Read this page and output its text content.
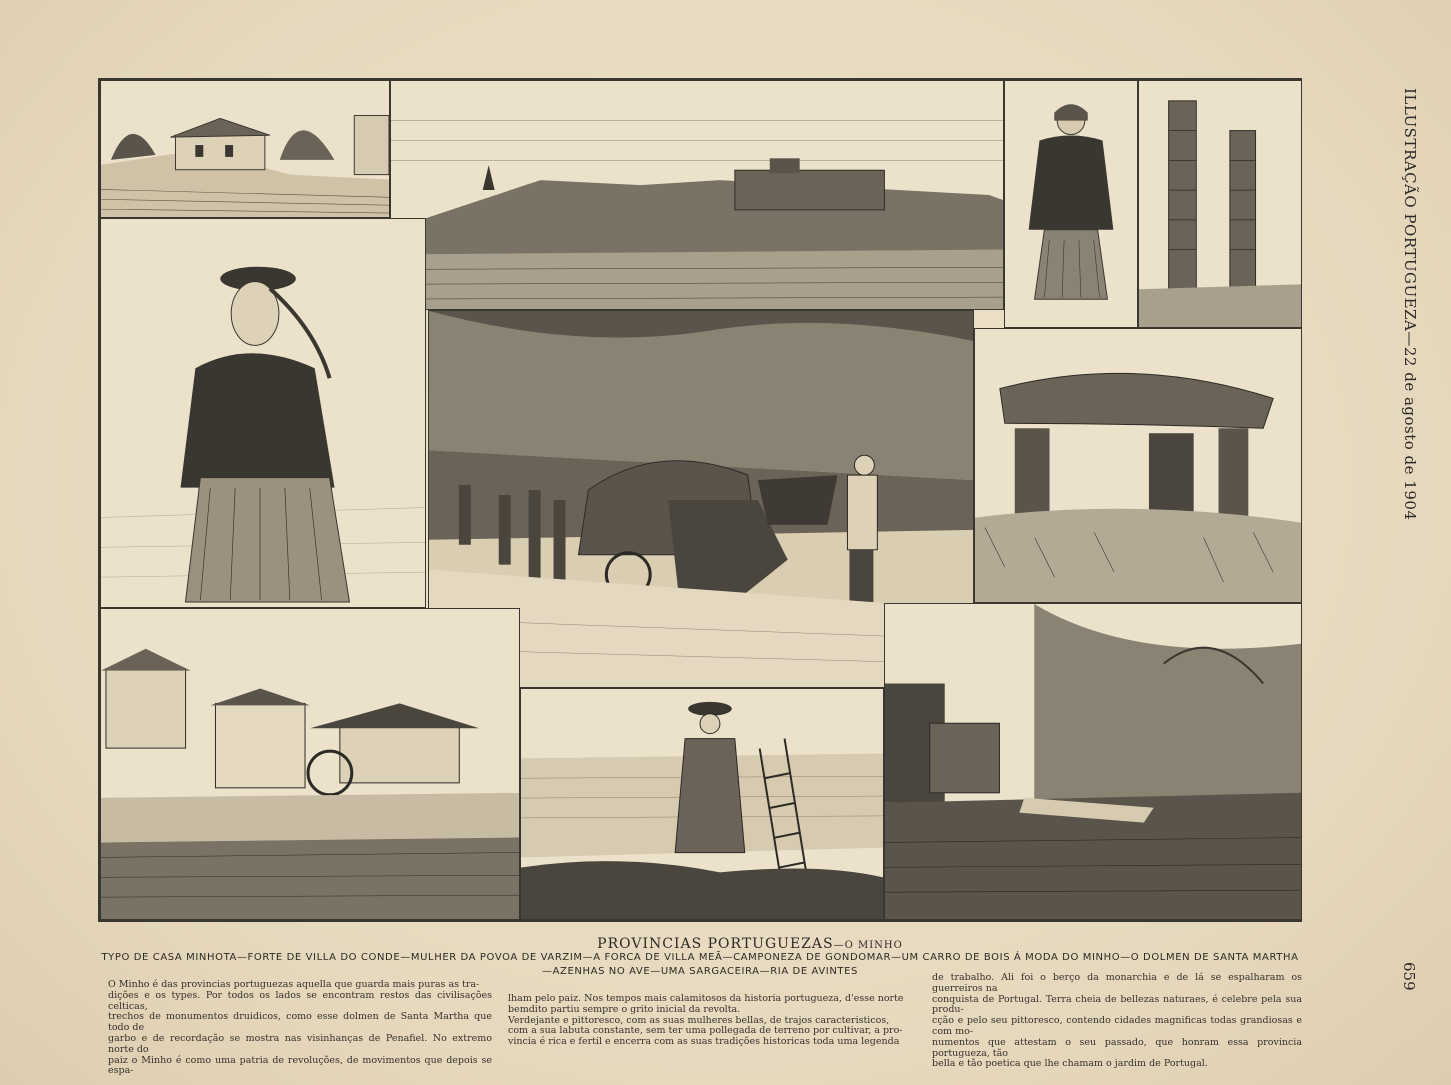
ILLUSTRAÇÃO PORTUGUEZA—22 de agosto de 1904
659
PROVINCIAS PORTUGUEZAS—O MINHO
TYPO DE CASA MINHOTA—FORTE DE VILLA DO CONDE—MULHER DA POVOA DE VARZIM—A FORCA DE VILLA MEÃ—CAMPONEZA DE GONDOMAR—UM CARRO DE BOIS Á MODA DO MINHO—O DOLMEN DE SANTA MARTHA
—AZENHAS NO AVE—UMA SARGACEIRA—RIA DE AVINTES

O Minho é das provincias portuguezas aquella que guarda mais puras as tra-

dições e os types. Por todos os lados se encontram restos das civilisações celticas,

trechos de monumentos druidicos, como esse dolmen de Santa Martha que todo de

garbo e de recordação se mostra nas visinhanças de Penafiel. No extremo norte do

paiz o Minho é como uma patria de revoluções, de movimentos que depois se espa-

lham pelo paiz. Nos tempos mais calamitosos da historia portugueza, d'esse norte

bemdito partiu sempre o grito inicial da revolta.

Verdejante e pittoresco, com as suas mulheres bellas, de trajos caracteristicos,

com a sua labuta constante, sem ter uma pollegada de terreno por cultivar, a pro-

vincia é rica e fertil e encerra com as suas tradições historicas toda uma legenda

de trabalho. Ali foi o berço da monarchia e de lá se espalharam os guerreiros na

conquista de Portugal. Terra cheia de bellezas naturaes, é celebre pela sua produ-

cção e pelo seu pittoresco, contendo cidades magnificas todas grandiosas e com mo-

numentos que attestam o seu passado, que honram essa provincia portugueza, tão

bella e tão poetica que lhe chamam o jardim de Portugal.
